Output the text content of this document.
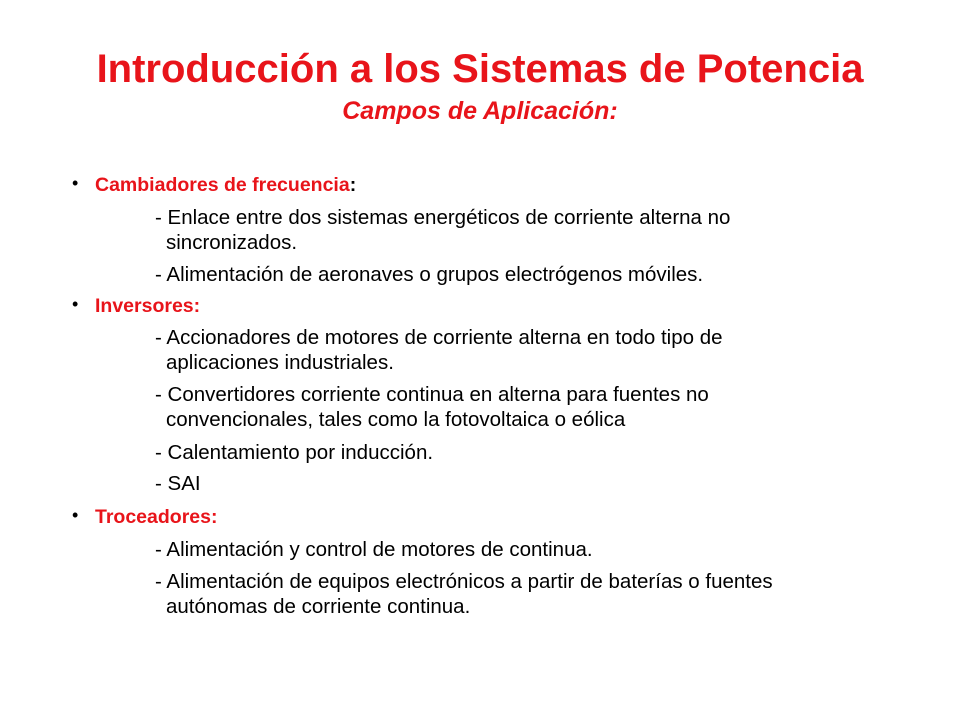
Introducción a los Sistemas de Potencia
Campos de Aplicación:
• Cambiadores de frecuencia:
- Enlace entre dos sistemas energéticos de corriente alterna no
sincronizados.
- Alimentación de aeronaves o grupos electrógenos móviles.
• Inversores:
- Accionadores de motores de corriente alterna en todo tipo de
aplicaciones industriales.
- Convertidores corriente continua en alterna para fuentes no
convencionales, tales como la fotovoltaica o eólica
- Calentamiento por inducción.
- SAI
• Troceadores:
- Alimentación y control de motores de continua.
- Alimentación de equipos electrónicos a partir de baterías o fuentes
autónomas de corriente continua.
